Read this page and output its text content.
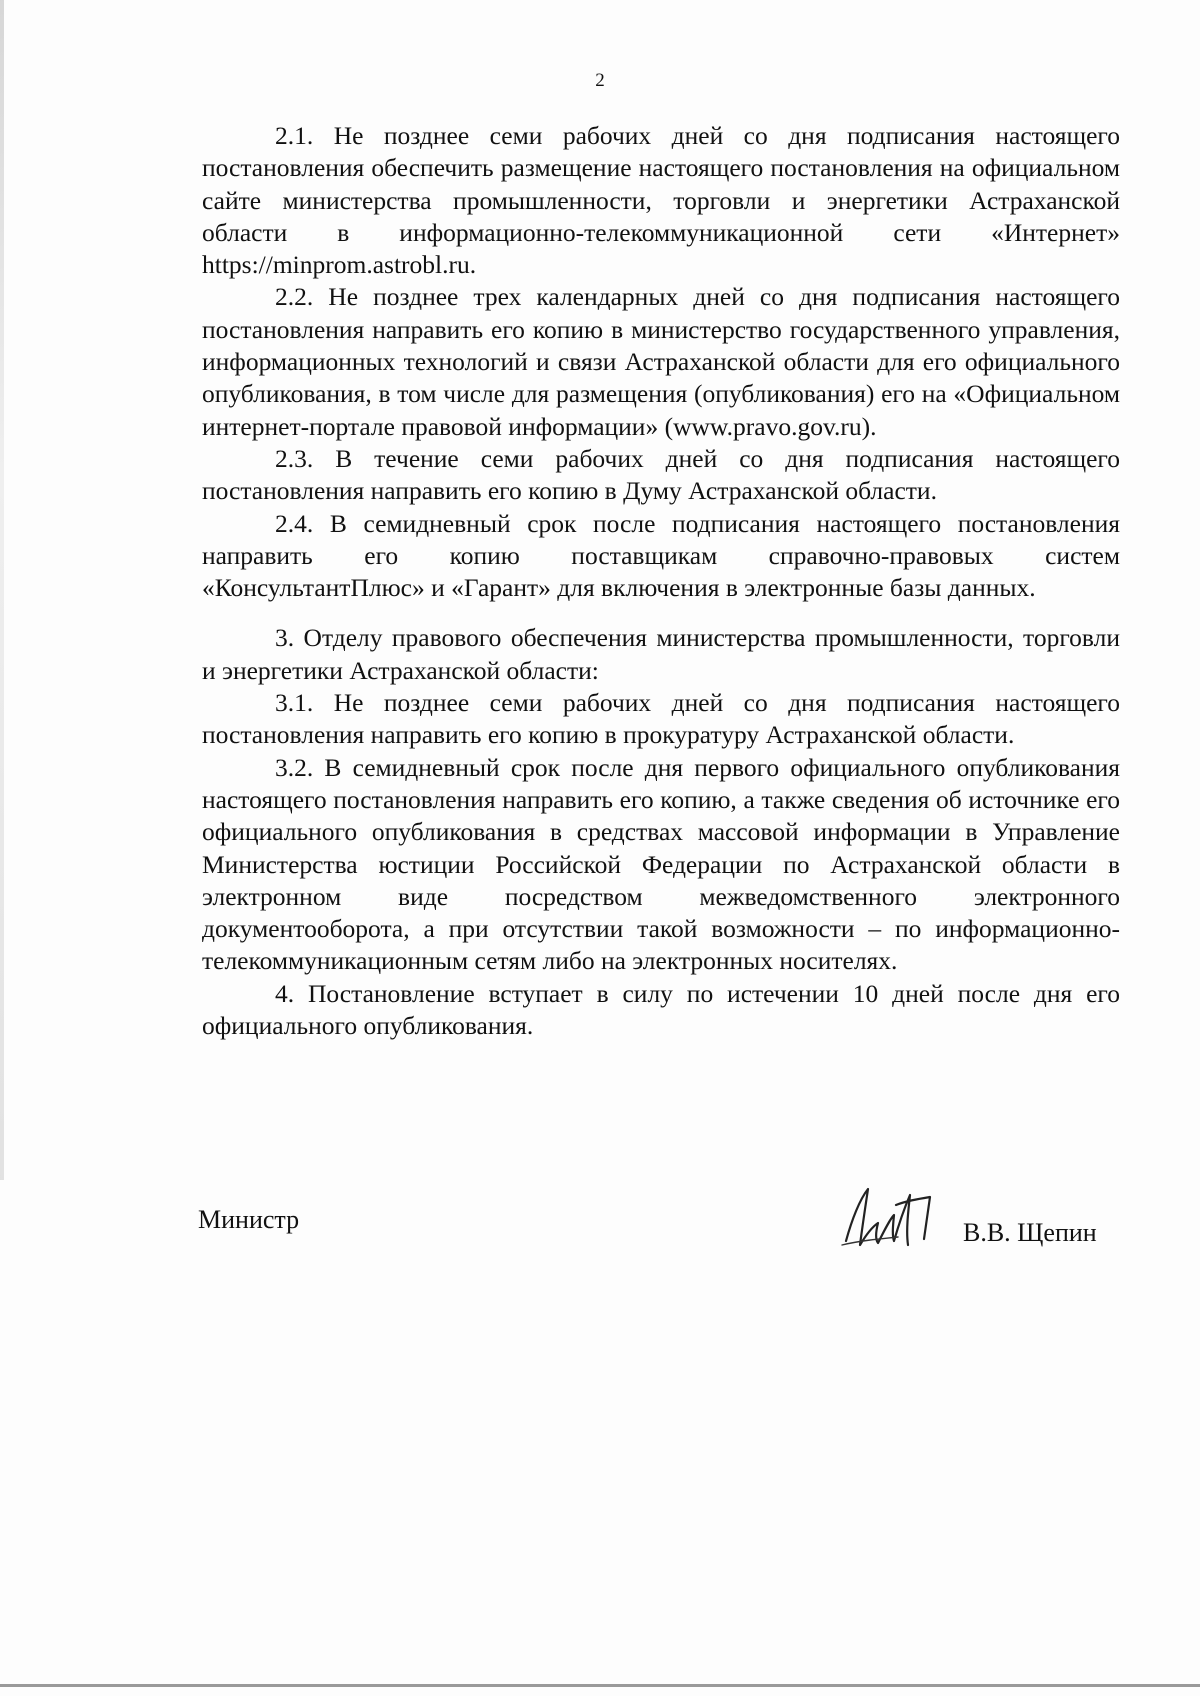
2

2.1. Не позднее семи рабочих дней со дня подписания настоящего постановления обеспечить размещение настоящего постановления на официальном сайте министерства промышленности, торговли и энергетики Астраханской области в информационно-телекоммуникационной сети «Интернет» https://minprom.astrobl.ru.

2.2. Не позднее трех календарных дней со дня подписания настоящего постановления направить его копию в министерство государственного управления, информационных технологий и связи Астраханской области для его официального опубликования, в том числе для размещения (опубликования) его на «Официальном интернет-портале правовой информации» (www.pravo.gov.ru).

2.3. В течение семи рабочих дней со дня подписания настоящего постановления направить его копию в Думу Астраханской области.

2.4. В семидневный срок после подписания настоящего постановления направить его копию поставщикам справочно-правовых систем «КонсультантПлюс» и «Гарант» для включения в электронные базы данных.

3. Отделу правового обеспечения министерства промышленности, торговли и энергетики Астраханской области:

3.1. Не позднее семи рабочих дней со дня подписания настоящего постановления направить его копию в прокуратуру Астраханской области.

3.2. В семидневный срок после дня первого официального опубликования настоящего постановления направить его копию, а также сведения об источнике его официального опубликования в средствах массовой информации в Управление Министерства юстиции Российской Федерации по Астраханской области в электронном виде посредством межведомственного электронного документооборота, а при отсутствии такой возможности – по информационно-телекоммуникационным сетям либо на электронных носителях.

4. Постановление вступает в силу по истечении 10 дней после дня его официального опубликования.

Министр	В.В. Щепин
